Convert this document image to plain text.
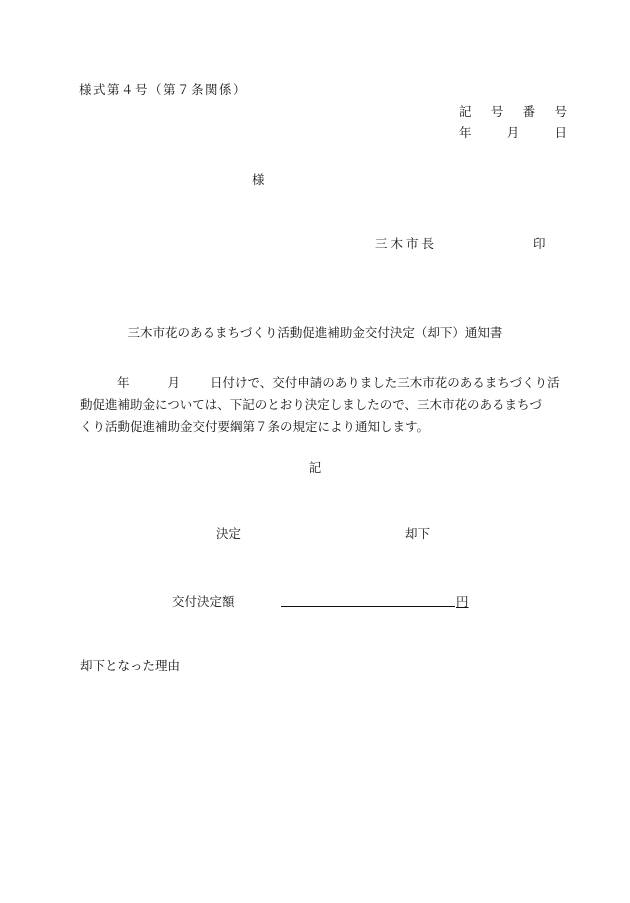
様式第４号（第７条関係）
記 号 番 号
年	月	日
様
三木市長	印
三木市花のあるまちづくり活動促進補助金交付決定（却下）通知書
年	月 日付けで、交付申請のありました三木市花のあるまちづくり活
動促進補助金については、下記のとおり決定しましたので、三木市花のあるまちづ
くり活動促進補助金交付要綱第７条の規定により通知します。
記
決定	却下
交付決定額	円
却下となった理由
